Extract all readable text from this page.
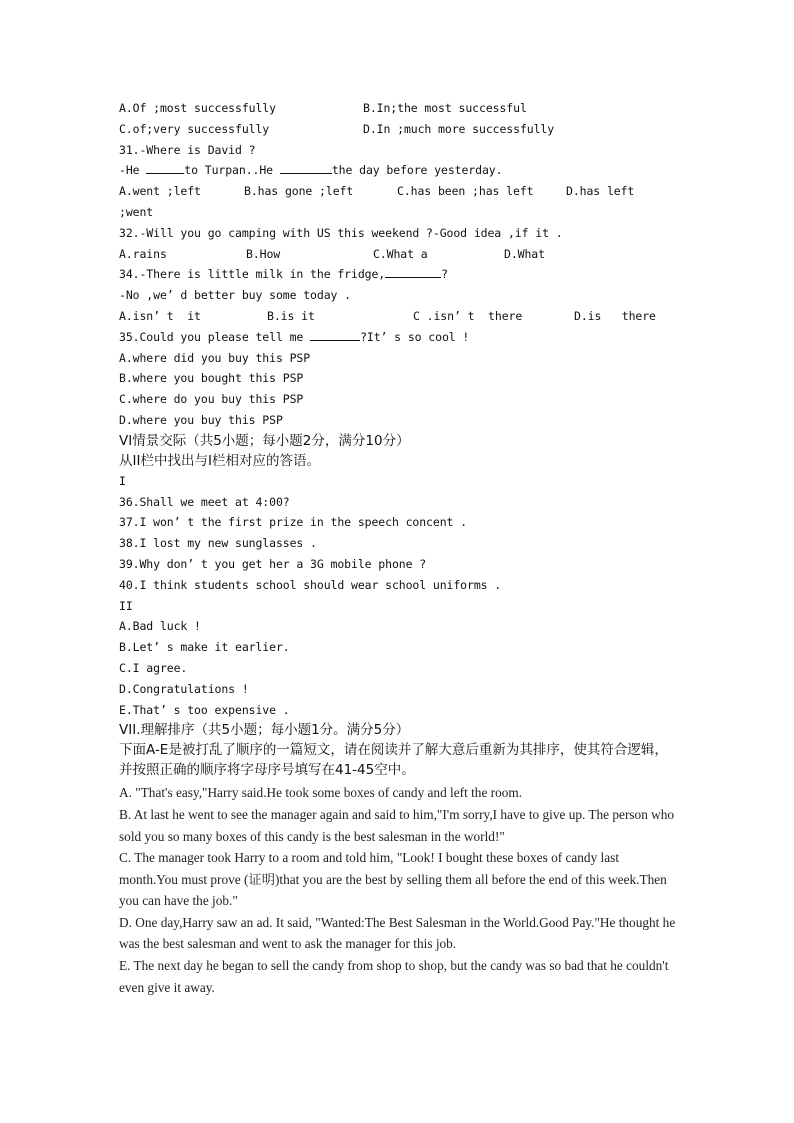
A.Of ;most successfully	B.In;the most successful
C.of;very successfully	D.In ;much more successfully
31.-Where is David ?
-He	to Turpan..He	the day before yesterday.
A.went ;left	B.has gone ;left	C.has been ;has left	D.has left
;went
32.-Will you go camping with US this weekend ?-Good idea ,if it .
A.rains	B.How	C.What a	D.What
34.-There is little milk in the fridge,	?
-No ,we’ d better buy some today .
A.isn’ t  it	B.is it	C .isn’ t  there	D.is   there
35.Could you please tell me	?It’ s so cool !
A.where did you buy this PSP
B.where you bought this PSP
C.where do you buy this PSP
D.where you buy this PSP
VI情景交际（共5小题；每小题2分，满分10分）
从II栏中找出与I栏相对应的答语。
I
36.Shall we meet at 4:00?
37.I won’ t the first prize in the speech concent .
38.I lost my new sunglasses .
39.Why don’ t you get her a 3G mobile phone ?
40.I think students school should wear school uniforms .
II
A.Bad luck !
B.Let’ s make it earlier.
C.I agree.
D.Congratulations !
E.That’ s too expensive .
VII.理解排序（共5小题；每小题1分。满分5分）
下面A-E是被打乱了顺序的一篇短文，请在阅读并了解大意后重新为其排序，使其符合逻辑，并按照正确的顺序将字母序号填写在41-45空中。

A. "That's easy,"Harry said.He took some boxes of candy and left the room.

B. At last he went to see the manager again and said to him,"I'm sorry,I have to give up. The person who sold you so many boxes of this candy is the best salesman in the world!"

C. The manager took Harry to a room and told him, "Look! I bought these boxes of candy last month.You must prove (证明)that you are the best by selling them all before the end of this week.Then you can have the job."

D. One day,Harry saw an ad. It said, "Wanted:The Best Salesman in the World.Good Pay."He thought he was the best salesman and went to ask the manager for this job.

E. The next day he began to sell the candy from shop to shop, but the candy was so bad that he couldn't even give it away.
